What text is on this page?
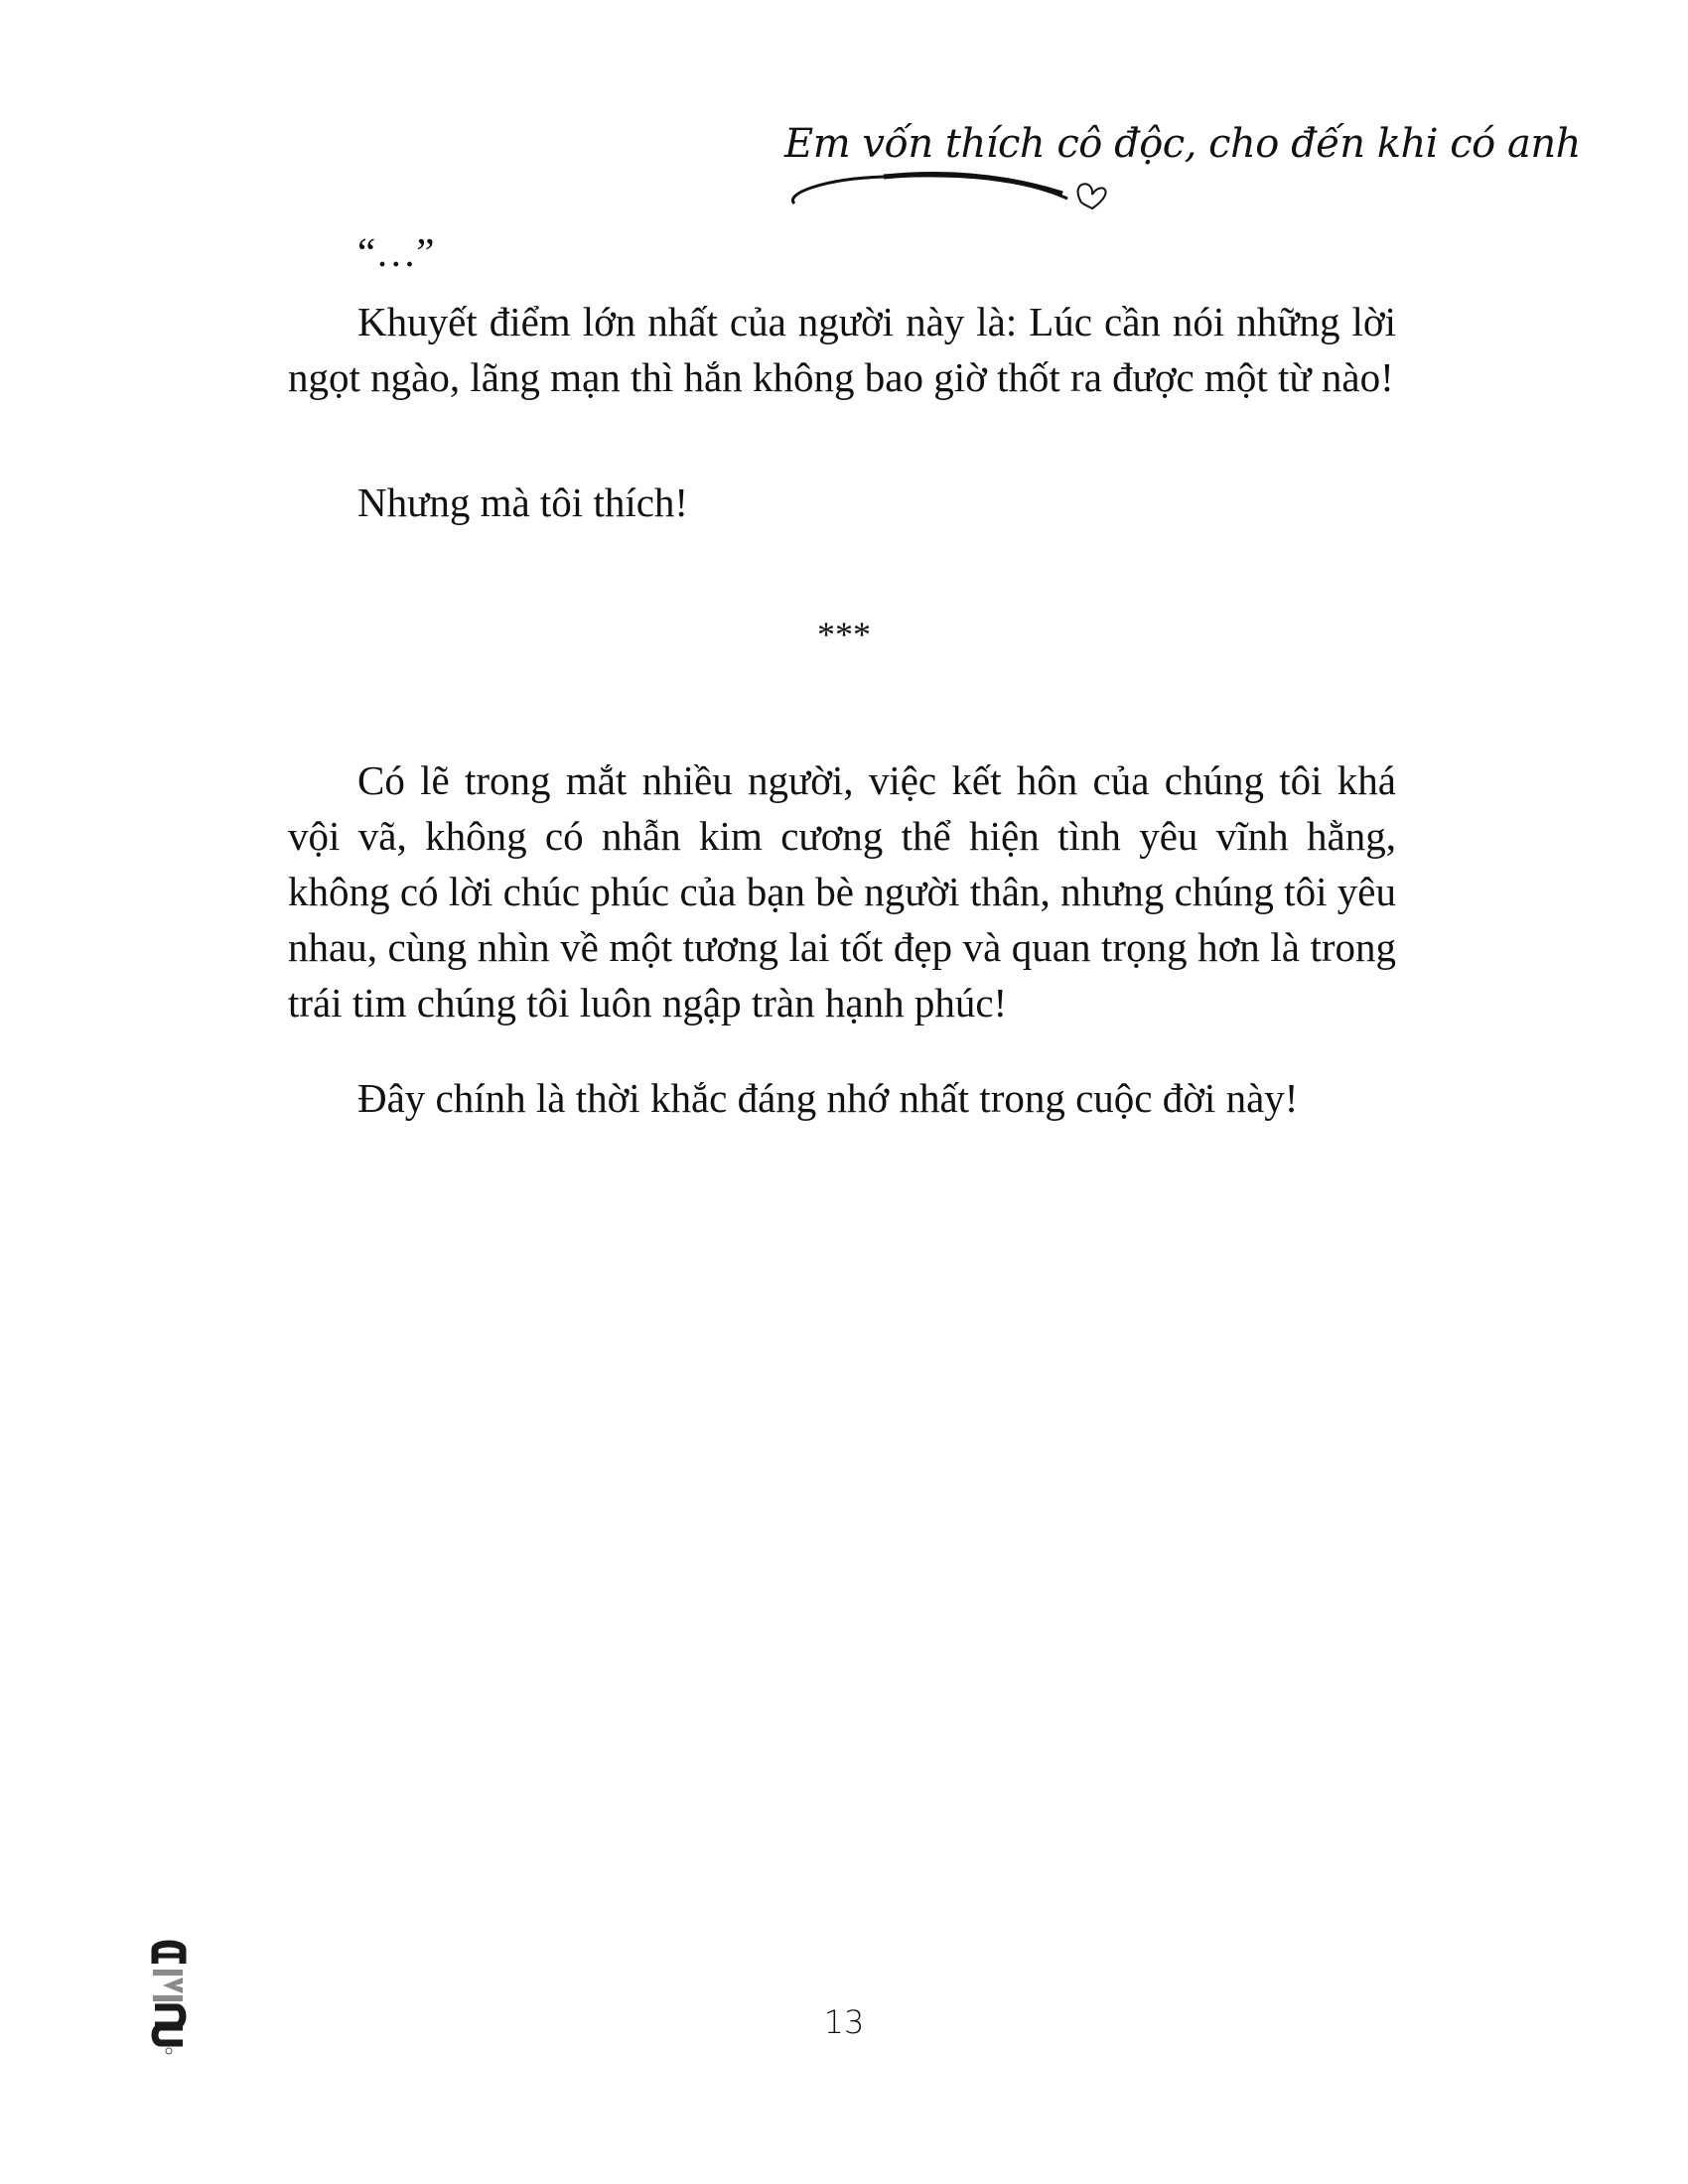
Em vốn thích cô độc, cho đến khi có anh

“…”

Khuyết điểm lớn nhất của người này là: Lúc cần nói những lời ngọt ngào, lãng mạn thì hắn không bao giờ thốt ra được một từ nào!

Nhưng mà tôi thích!

***

Có lẽ trong mắt nhiều người, việc kết hôn của chúng tôi khá vội vã, không có nhẫn kim cương thể hiện tình yêu vĩnh hằng, không có lời chúc phúc của bạn bè người thân, nhưng chúng tôi yêu nhau, cùng nhìn về một tương lai tốt đẹp và quan trọng hơn là trong trái tim chúng tôi luôn ngập tràn hạnh phúc!

Đây chính là thời khắc đáng nhớ nhất trong cuộc đời này!

13
